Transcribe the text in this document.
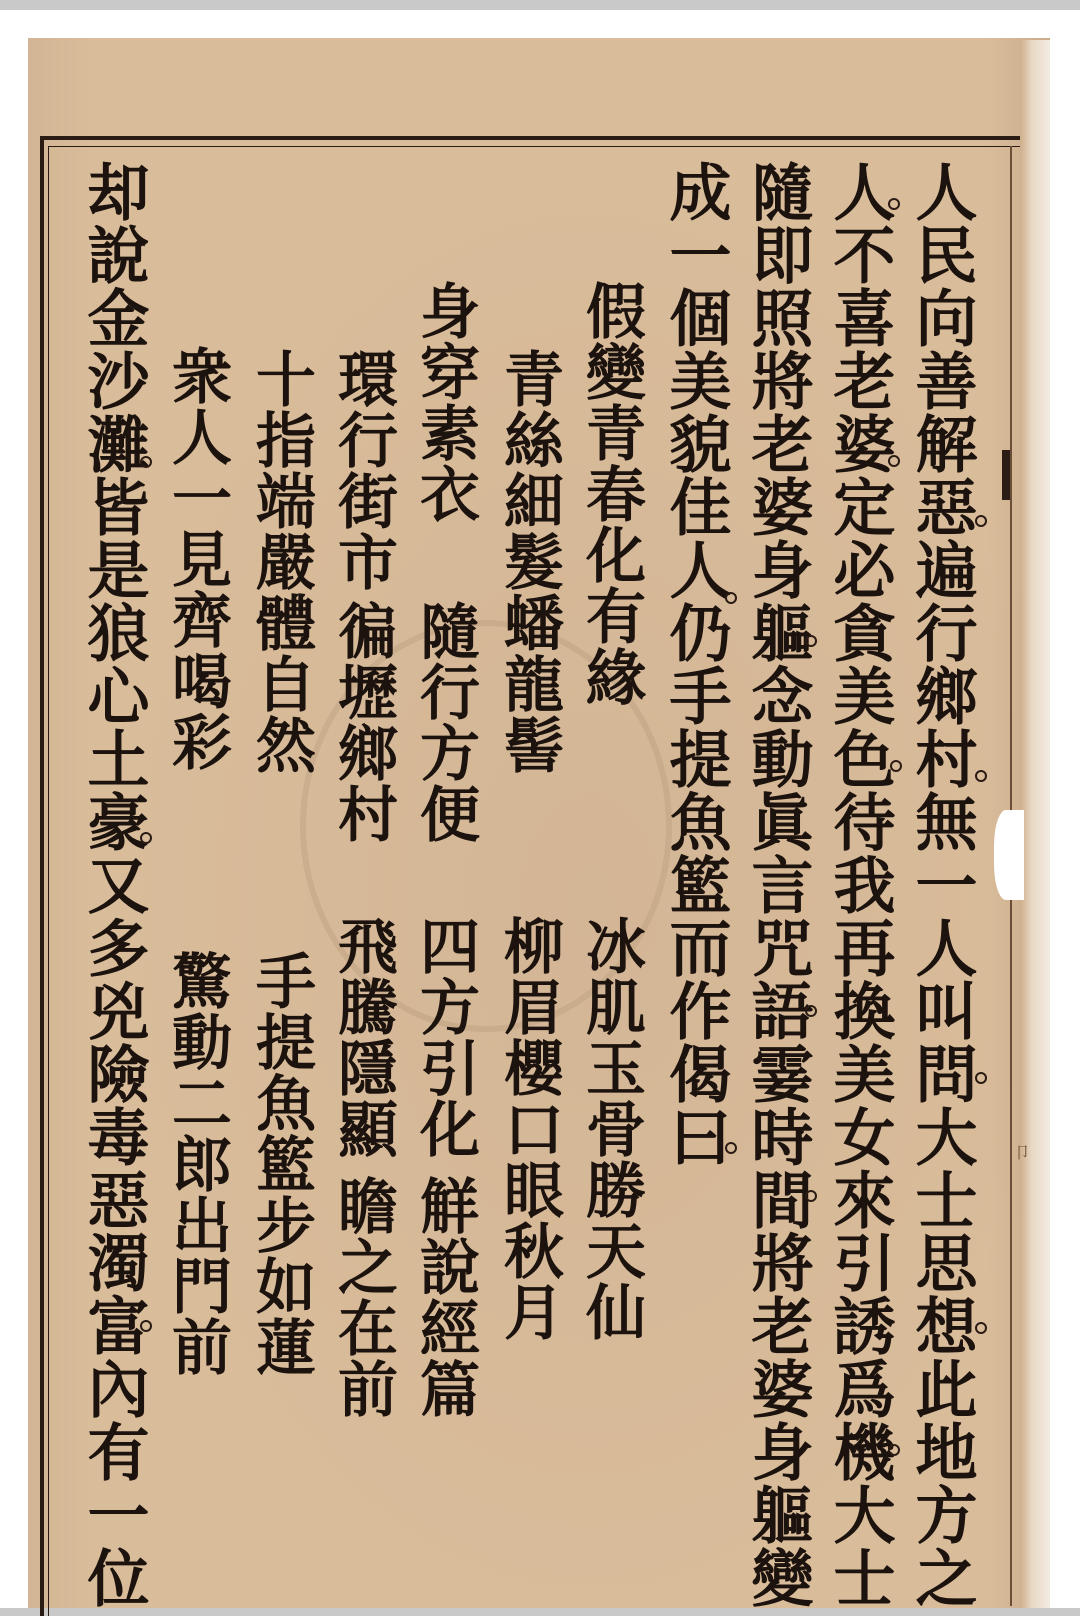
卩
人民向善解惡遍行鄉村無一人叫問大士思想此地方之
人不喜老婆定必貪美色待我再換美女來引誘爲機大士
隨即照將老婆身軀念動眞言咒語霎時間將老婆身軀變
成一個美貌佳人仍手提魚籃而作偈曰
假變青春化有緣
冰肌玉骨勝天仙
青絲細髮蟠龍髻
柳眉櫻口眼秋月
身穿素衣
隨行方便
四方引化
觧說經篇
環行街市
徧壢鄉村
飛騰隱顯
瞻之在前
十指端嚴體自然
手提魚籃步如蓮
衆人一見齊喝彩
驚動二郎出門前
却說金沙灘皆是狼心土豪又多兇險毒惡濁富內有一位
